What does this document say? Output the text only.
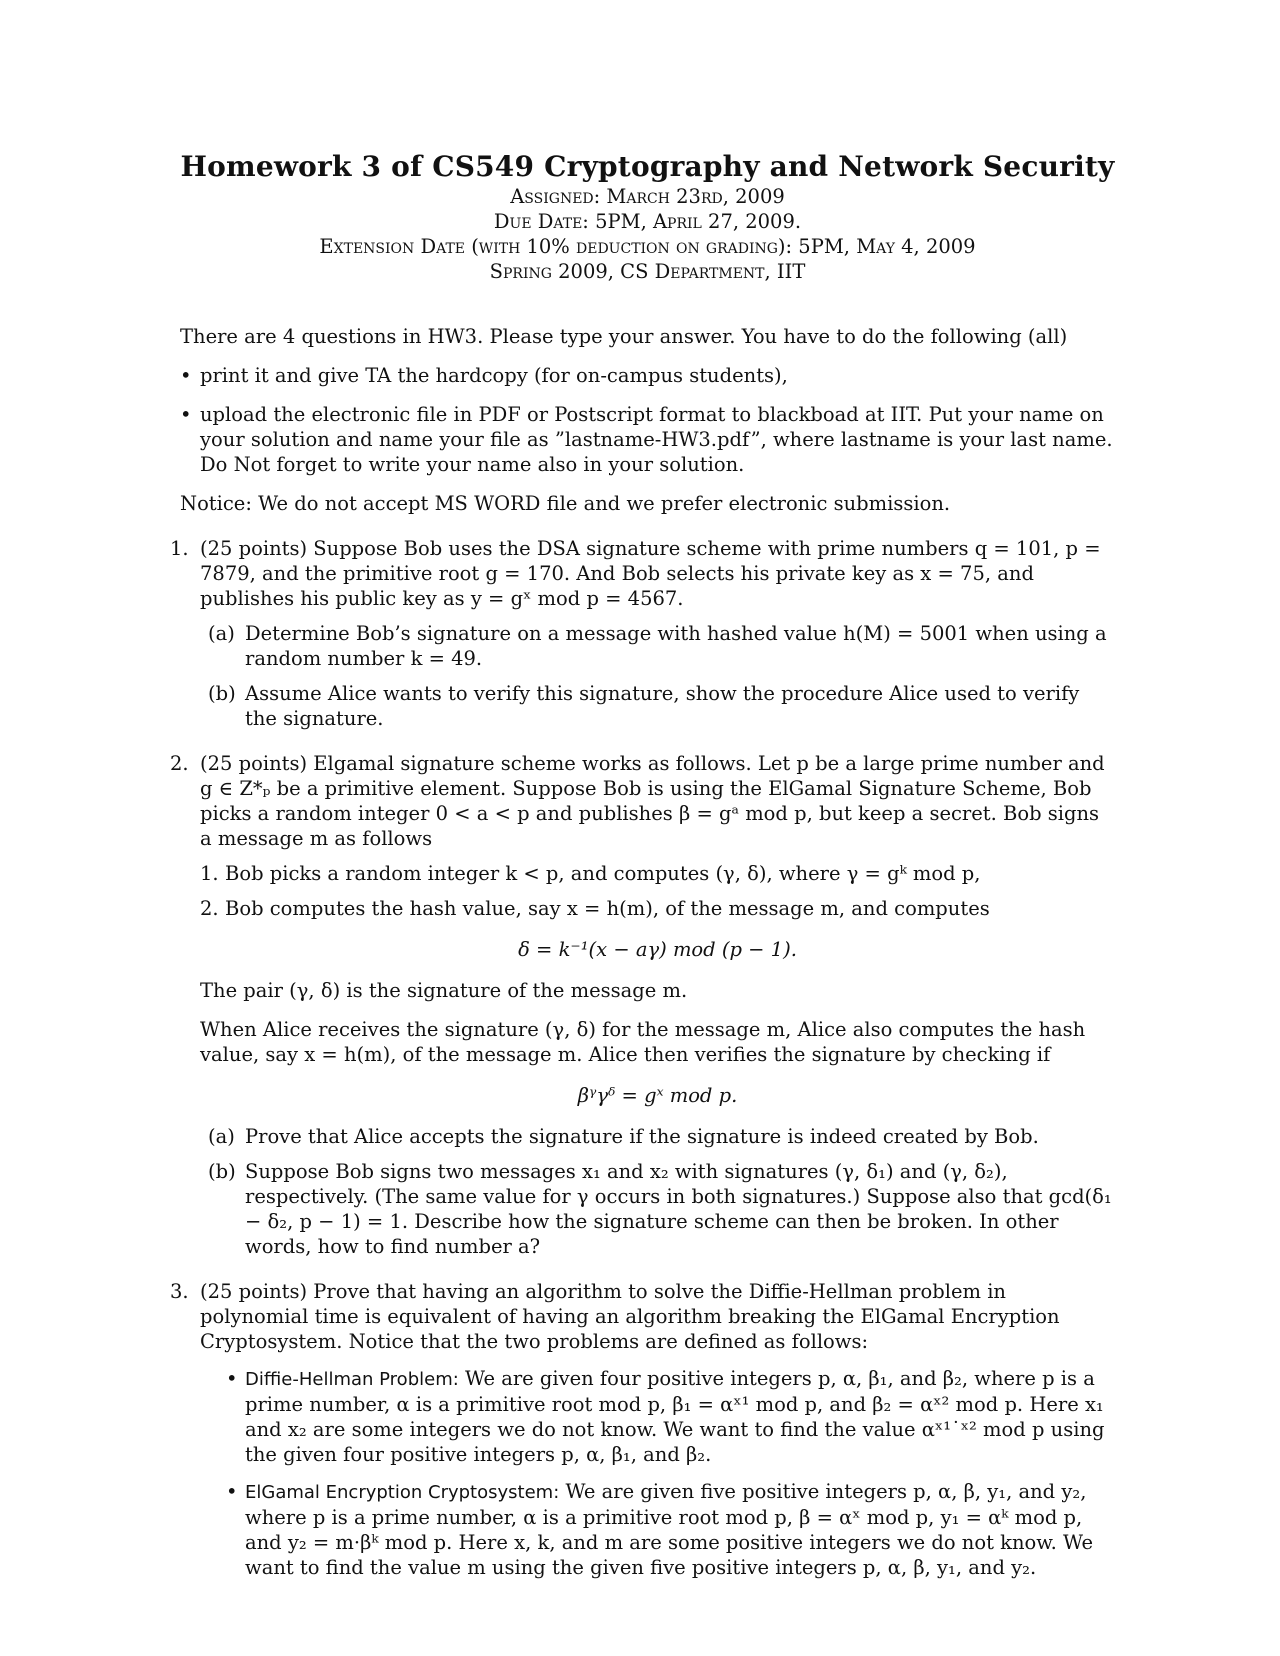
Homework 3 of CS549 Cryptography and Network Security
Assigned: March 23rd, 2009
Due Date: 5PM, April 27, 2009.
Extension Date (with 10% deduction on grading): 5PM, May 4, 2009
Spring 2009, CS Department, IIT

There are 4 questions in HW3. Please type your answer. You have to do the following (all)

• print it and give TA the hardcopy (for on-campus students),
• upload the electronic file in PDF or Postscript format to blackboad at IIT. Put your name on your solution and name your file as ”lastname-HW3.pdf”, where lastname is your last name. Do Not forget to write your name also in your solution.

Notice: We do not accept MS WORD file and we prefer electronic submission.

1. (25 points) Suppose Bob uses the DSA signature scheme with prime numbers q = 101, p = 7879, and the primitive root g = 170. And Bob selects his private key as x = 75, and publishes his public key as y = gˣ mod p = 4567.

(a) Determine Bob’s signature on a message with hashed value h(M) = 5001 when using a random number k = 49.
(b) Assume Alice wants to verify this signature, show the procedure Alice used to verify the signature.
2. (25 points) Elgamal signature scheme works as follows. Let p be a large prime number and g ∈ Z*ₚ be a primitive element. Suppose Bob is using the ElGamal Signature Scheme, Bob picks a random integer 0 < a < p and publishes β = gᵃ mod p, but keep a secret. Bob signs a message m as follows

1. Bob picks a random integer k < p, and computes (γ, δ), where γ = gᵏ mod p,
2. Bob computes the hash value, say x = h(m), of the message m, and computes
δ = k⁻¹(x − aγ) mod (p − 1).

The pair (γ, δ) is the signature of the message m.

When Alice receives the signature (γ, δ) for the message m, Alice also computes the hash value, say x = h(m), of the message m. Alice then verifies the signature by checking if

βᵞγᵟ = gˣ mod p.
(a) Prove that Alice accepts the signature if the signature is indeed created by Bob.
(b) Suppose Bob signs two messages x₁ and x₂ with signatures (γ, δ₁) and (γ, δ₂), respectively. (The same value for γ occurs in both signatures.) Suppose also that gcd(δ₁ − δ₂, p − 1) = 1. Describe how the signature scheme can then be broken. In other words, how to find number a?
3. (25 points) Prove that having an algorithm to solve the Diffie-Hellman problem in polynomial time is equivalent of having an algorithm breaking the ElGamal Encryption Cryptosystem. Notice that the two problems are defined as follows:

• Diffie-Hellman Problem: We are given four positive integers p, α, β₁, and β₂, where p is a prime number, α is a primitive root mod p, β₁ = αˣ¹ mod p, and β₂ = αˣ² mod p. Here x₁ and x₂ are some integers we do not know. We want to find the value αˣ¹˙ˣ² mod p using the given four positive integers p, α, β₁, and β₂.
• ElGamal Encryption Cryptosystem: We are given five positive integers p, α, β, y₁, and y₂, where p is a prime number, α is a primitive root mod p, β = αˣ mod p, y₁ = αᵏ mod p, and y₂ = m·βᵏ mod p. Here x, k, and m are some positive integers we do not know. We want to find the value m using the given five positive integers p, α, β, y₁, and y₂.
